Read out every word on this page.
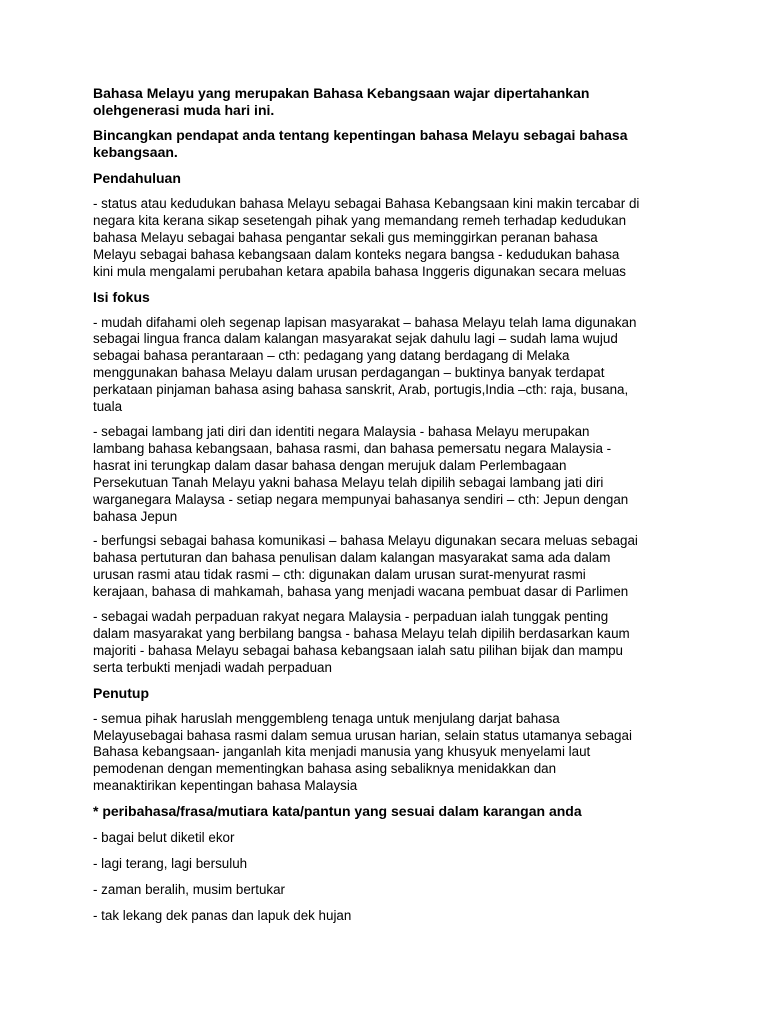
Bahasa Melayu yang merupakan Bahasa Kebangsaan wajar dipertahankan
olehgenerasi muda hari ini.
Bincangkan pendapat anda tentang kepentingan bahasa Melayu sebagai bahasa
kebangsaan.
Pendahuluan
- status atau kedudukan bahasa Melayu sebagai Bahasa Kebangsaan kini makin tercabar di
negara kita kerana sikap sesetengah pihak yang memandang remeh terhadap kedudukan
bahasa Melayu sebagai bahasa pengantar sekali gus meminggirkan peranan bahasa
Melayu sebagai bahasa kebangsaan dalam konteks negara bangsa - kedudukan bahasa
kini mula mengalami perubahan ketara apabila bahasa Inggeris digunakan secara meluas
Isi fokus
- mudah difahami oleh segenap lapisan masyarakat – bahasa Melayu telah lama digunakan
sebagai lingua franca dalam kalangan masyarakat sejak dahulu lagi – sudah lama wujud
sebagai bahasa perantaraan – cth: pedagang yang datang berdagang di Melaka
menggunakan bahasa Melayu dalam urusan perdagangan – buktinya banyak terdapat
perkataan pinjaman bahasa asing bahasa sanskrit, Arab, portugis,India –cth: raja, busana,
tuala
- sebagai lambang jati diri dan identiti negara Malaysia - bahasa Melayu merupakan
lambang bahasa kebangsaan, bahasa rasmi, dan bahasa pemersatu negara Malaysia -
hasrat ini terungkap dalam dasar bahasa dengan merujuk dalam Perlembagaan
Persekutuan Tanah Melayu yakni bahasa Melayu telah dipilih sebagai lambang jati diri
warganegara Malaysa - setiap negara mempunyai bahasanya sendiri – cth: Jepun dengan
bahasa Jepun
- berfungsi sebagai bahasa komunikasi – bahasa Melayu digunakan secara meluas sebagai
bahasa pertuturan dan bahasa penulisan dalam kalangan masyarakat sama ada dalam
urusan rasmi atau tidak rasmi – cth: digunakan dalam urusan surat-menyurat rasmi
kerajaan, bahasa di mahkamah, bahasa yang menjadi wacana pembuat dasar di Parlimen
- sebagai wadah perpaduan rakyat negara Malaysia - perpaduan ialah tunggak penting
dalam masyarakat yang berbilang bangsa - bahasa Melayu telah dipilih berdasarkan kaum
majoriti - bahasa Melayu sebagai bahasa kebangsaan ialah satu pilihan bijak dan mampu
serta terbukti menjadi wadah perpaduan
Penutup
- semua pihak haruslah menggembleng tenaga untuk menjulang darjat bahasa
Melayusebagai bahasa rasmi dalam semua urusan harian, selain status utamanya sebagai
Bahasa kebangsaan- janganlah kita menjadi manusia yang khusyuk menyelami laut
pemodenan dengan mementingkan bahasa asing sebaliknya menidakkan dan
meanaktirikan kepentingan bahasa Malaysia
* peribahasa/frasa/mutiara kata/pantun yang sesuai dalam karangan anda
- bagai belut diketil ekor
- lagi terang, lagi bersuluh
- zaman beralih, musim bertukar
- tak lekang dek panas dan lapuk dek hujan
